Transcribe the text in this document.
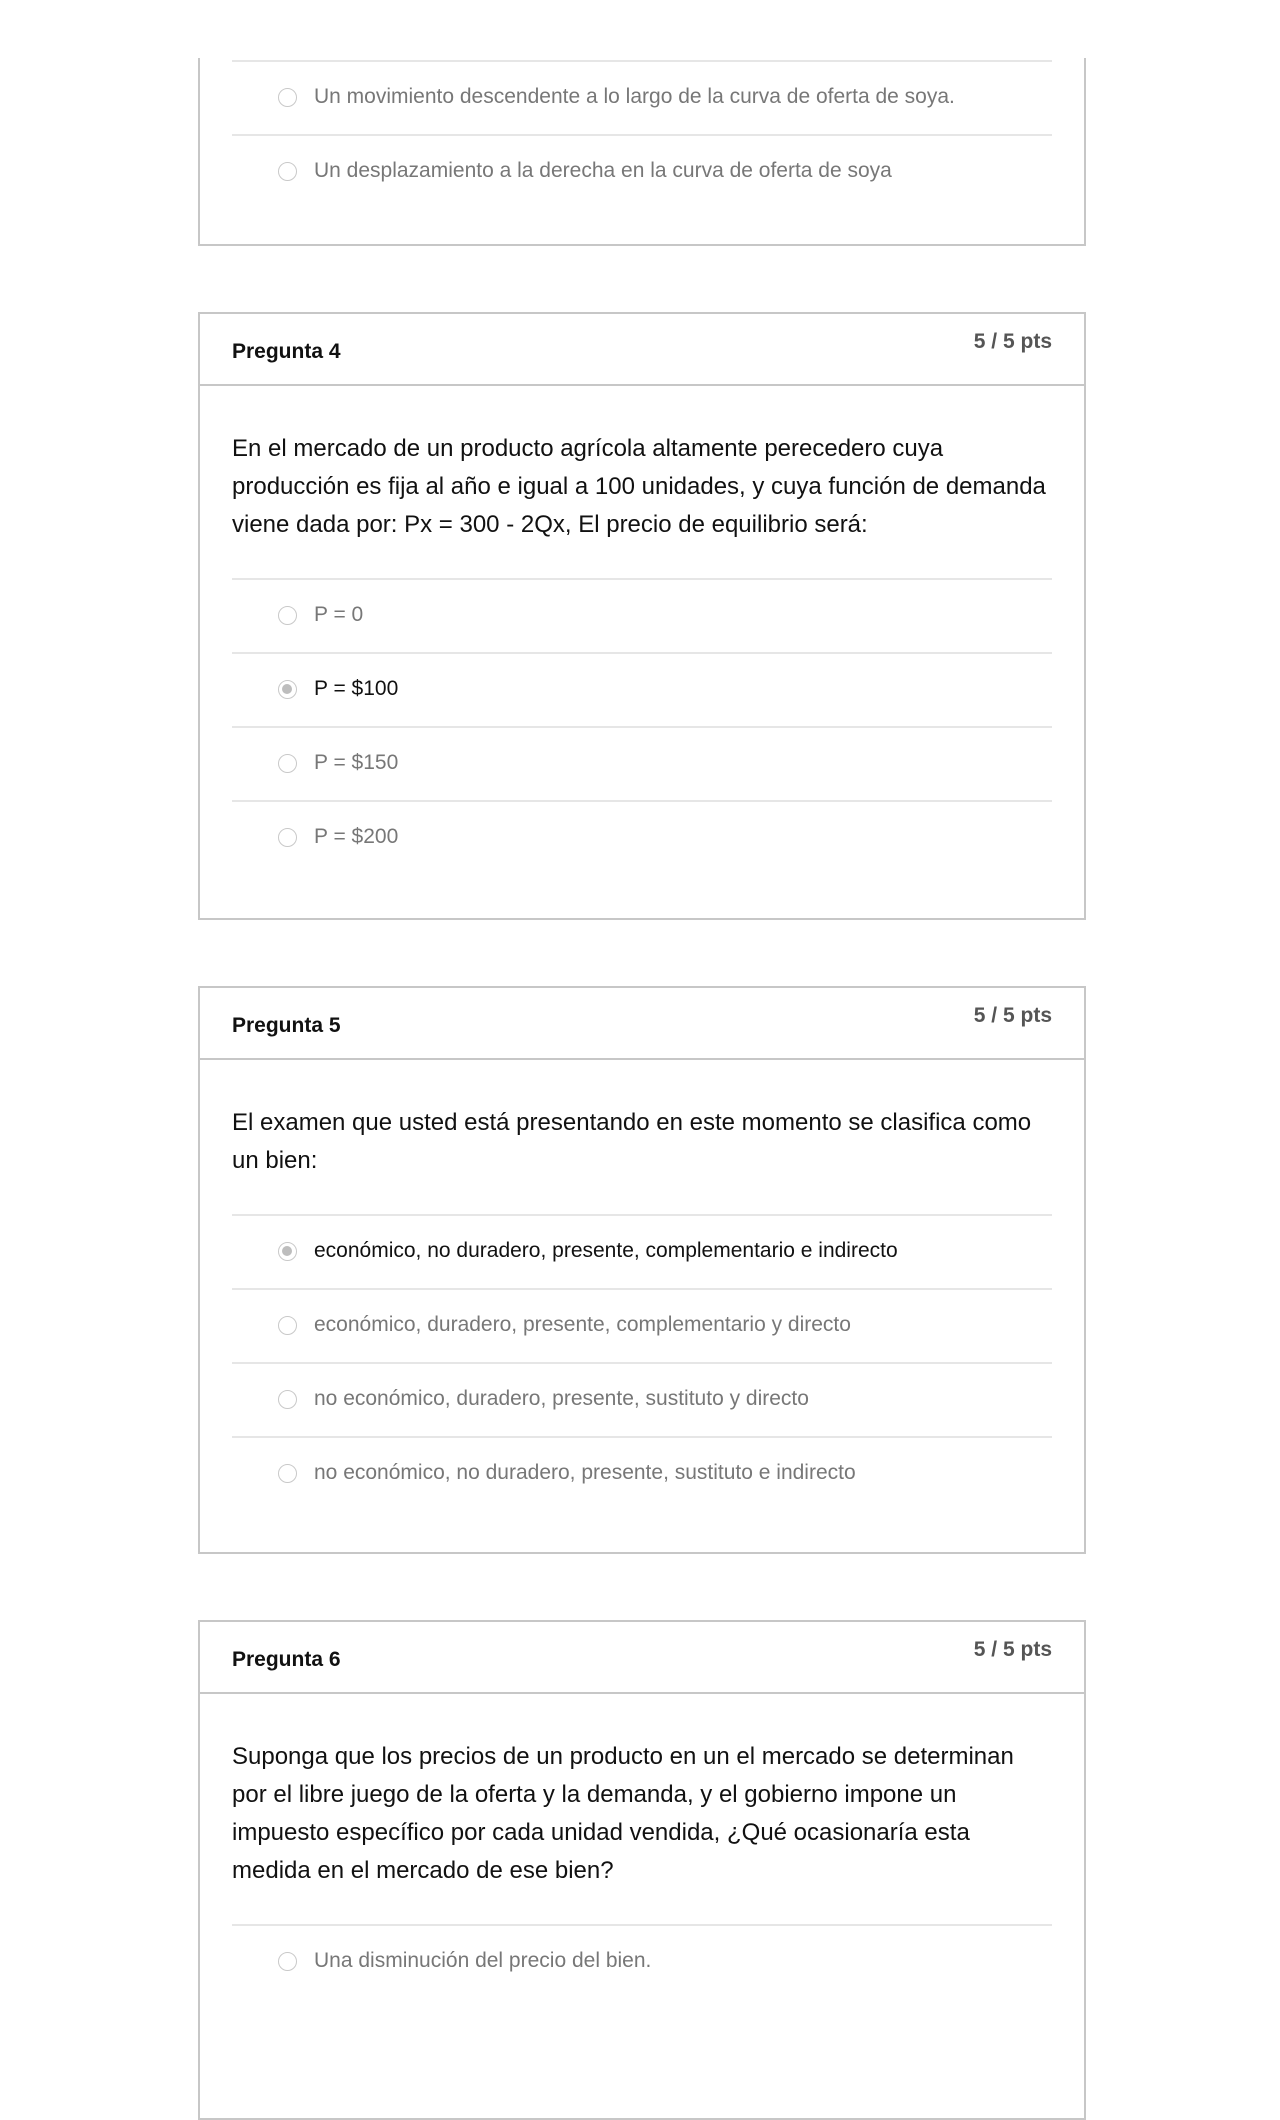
Un movimiento descendente a lo largo de la curva de oferta de soya.
Un desplazamiento a la derecha en la curva de oferta de soya
Pregunta 4	5 / 5 pts

En el mercado de un producto agrícola altamente perecedero cuya producción es fija al año e igual a 100 unidades, y cuya función de demanda viene dada por: Px = 300 - 2Qx, El precio de equilibrio será:

P = 0
P = $100
P = $150
P = $200
Pregunta 5	5 / 5 pts

El examen que usted está presentando en este momento se clasifica como un bien:

económico, no duradero, presente, complementario e indirecto
económico, duradero, presente, complementario y directo
no económico, duradero, presente, sustituto y directo
no económico, no duradero, presente, sustituto e indirecto
Pregunta 6	5 / 5 pts

Suponga que los precios de un producto en un el mercado se determinan por el libre juego de la oferta y la demanda, y el gobierno impone un impuesto específico por cada unidad vendida, ¿Qué ocasionaría esta medida en el mercado de ese bien?

Una disminución del precio del bien.
